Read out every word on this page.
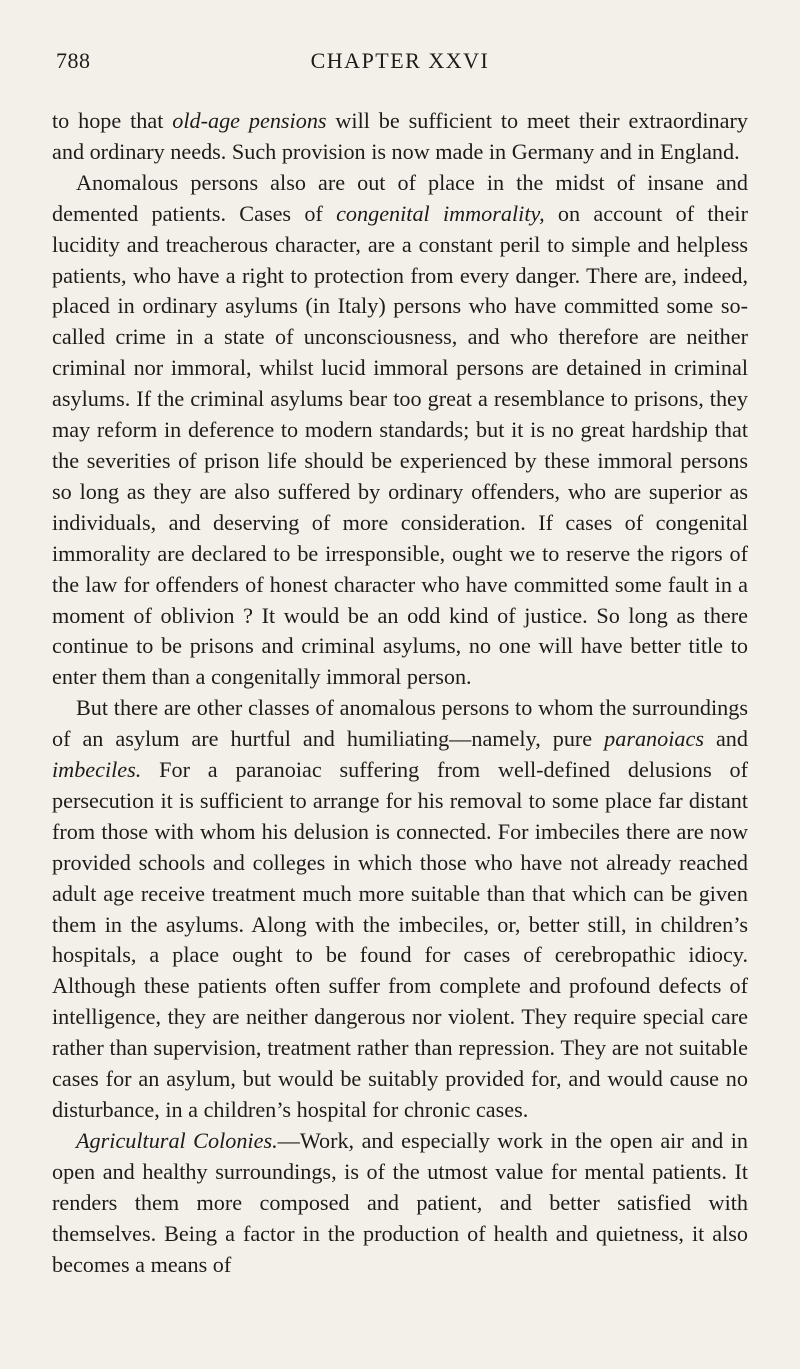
788	CHAPTER XXVI

to hope that old-age pensions will be sufficient to meet their extraordinary and ordinary needs. Such provision is now made in Germany and in England.

Anomalous persons also are out of place in the midst of insane and demented patients. Cases of congenital immorality, on account of their lucidity and treacherous character, are a constant peril to simple and helpless patients, who have a right to protection from every danger. There are, indeed, placed in ordinary asylums (in Italy) persons who have committed some so-called crime in a state of unconsciousness, and who therefore are neither criminal nor immoral, whilst lucid immoral persons are detained in criminal asylums. If the criminal asylums bear too great a resemblance to prisons, they may reform in deference to modern standards; but it is no great hardship that the severities of prison life should be experienced by these immoral persons so long as they are also suffered by ordinary offenders, who are superior as individuals, and deserving of more consideration. If cases of congenital immorality are declared to be irresponsible, ought we to reserve the rigors of the law for offenders of honest character who have committed some fault in a moment of oblivion ? It would be an odd kind of justice. So long as there continue to be prisons and criminal asylums, no one will have better title to enter them than a congenitally immoral person.

But there are other classes of anomalous persons to whom the surroundings of an asylum are hurtful and humiliating—namely, pure paranoiacs and imbeciles. For a paranoiac suffering from well-defined delusions of persecution it is sufficient to arrange for his removal to some place far distant from those with whom his delusion is connected. For imbeciles there are now provided schools and colleges in which those who have not already reached adult age receive treatment much more suitable than that which can be given them in the asylums. Along with the imbeciles, or, better still, in children’s hospitals, a place ought to be found for cases of cerebropathic idiocy. Although these patients often suffer from complete and profound defects of intelligence, they are neither dangerous nor violent. They require special care rather than supervision, treatment rather than repression. They are not suitable cases for an asylum, but would be suitably provided for, and would cause no disturbance, in a children’s hospital for chronic cases.

Agricultural Colonies.—Work, and especially work in the open air and in open and healthy surroundings, is of the utmost value for mental patients. It renders them more composed and patient, and better satisfied with themselves. Being a factor in the production of health and quietness, it also becomes a means of
